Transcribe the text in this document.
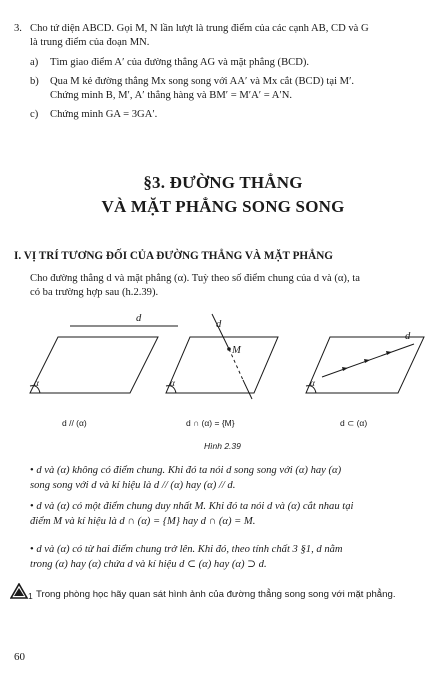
3. Cho tứ diện ABCD. Gọi M, N lần lượt là trung điểm của các cạnh AB, CD và G
là trung điểm của đoạn MN.
a) Tìm giao điểm A′ của đường thẳng AG và mặt phẳng (BCD).
b) Qua M kẻ đường thẳng Mx song song với AA′ và Mx cắt (BCD) tại M′.
Chứng minh B, M′, A′ thẳng hàng và BM′ = M′A′ = A′N.
c) Chứng minh GA = 3GA′.
§3. ĐƯỜNG THẲNG
VÀ MẶT PHẲNG SONG SONG
I. VỊ TRÍ TƯƠNG ĐỐI CỦA ĐƯỜNG THẲNG VÀ MẶT PHẲNG
Cho đường thẳng d và mặt phẳng (α). Tuỳ theo số điểm chung của d và (α), ta
có ba trường hợp sau (h.2.39).
d
d
M
d
α	α	α
d // (α)	d ∩ (α) = {M}	d ⊂ (α)
Hình 2.39
• d và (α) không có điểm chung. Khi đó ta nói d song song với (α) hay (α)
song song với d và kí hiệu là d // (α) hay (α) // d.
• d và (α) có một điểm chung duy nhất M. Khi đó ta nói d và (α) cắt nhau tại
điểm M và kí hiệu là d ∩ (α) = {M} hay d ∩ (α) = M.
• d và (α) có từ hai điểm chung trở lên. Khi đó, theo tính chất 3 §1, d nằm
trong (α) hay (α) chứa d và kí hiệu d ⊂ (α) hay (α) ⊃ d.
1 Trong phòng học hãy quan sát hình ảnh của đường thẳng song song với mặt phẳng.
60
